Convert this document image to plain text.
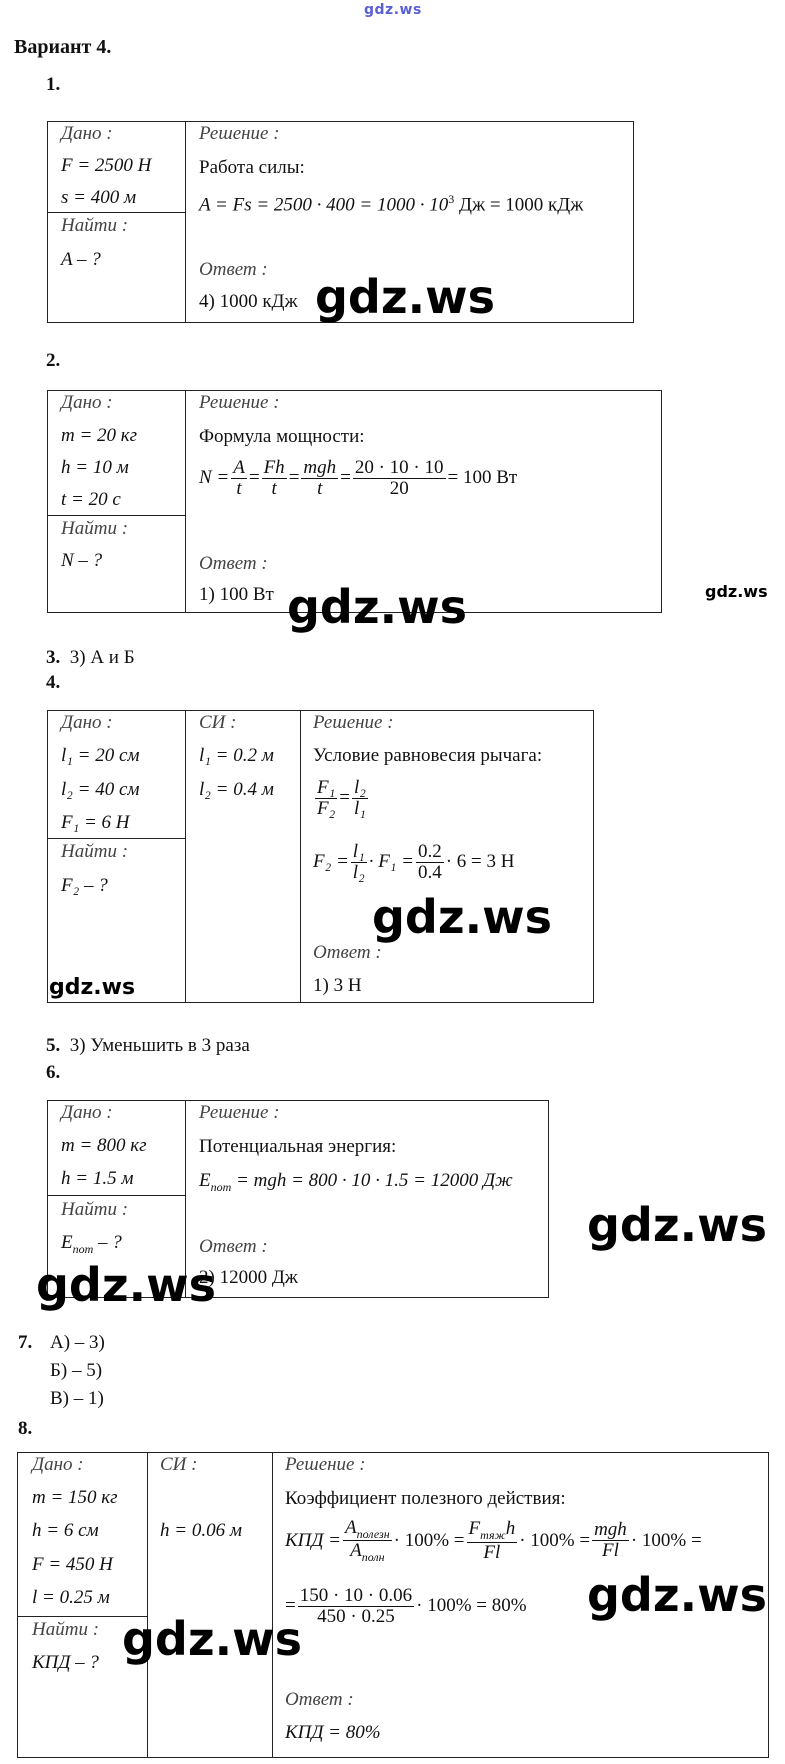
gdz.ws
Вариант 4.
1.
Дано :
F = 2500 Н
s = 400 м
Найти :
A – ?
Решение :
Работа силы:
$A = Fs = 2500 \cdot 400 = 1000 \cdot 10^3$ Дж = 1000 кДж
Ответ :
4) 1000 кДж gdz.ws
2.
Дано :
m = 20 кг
h = 10 м
t = 20 с
Найти :
N – ?
Решение :
Формула мощности:
$N = \frac{A}{t} = \frac{Fh}{t} = \frac{\text{mgh}}{t} = \frac{20 \cdot 10 \cdot 10}{20} = 100$ Вт
Ответ :
1) 100 Вт gdz.ws	gdz.ws
3. 3) А и Б
4.
Дано :
l₁ = 20 см
l₂ = 40 см
F₁ = 6 Н
Найти :
F₂ – ?
СИ :
l₁ = 0.2 м
l₂ = 0.4 м
Решение :
Условие равновесия рычага:
$\frac{\text{F₁}}{\text{F₂}} = \frac{\text{l₂}}{\text{l₁}}$
$F_2 = \frac{\text{l₁}}{\text{l₂}} \cdot F_1 = \frac{0.2}{0.4} \cdot 6 = 3$ Н
Ответ :
1) 3 Н
gdz.ws
gdz.ws
5. 3) Уменьшить в 3 раза
6.
Дано :
m = 800 кг
h = 1.5 м
Найти :
$E_{пот}$ – ?
Решение :
Потенциальная энергия:
$E_{пот}$ = mgh = 800 · 10 · 1.5 = 12000 Дж
Ответ :
2) 12000 Дж
gdz.ws
gdz.ws
7. А) – 3)
Б) – 5)
В) – 1)
8.
Дано :
m = 150 кг
h = 6 см
F = 450 Н
l = 0.25 м
Найти :
КПД – ?
СИ :
h = 0.06 м
Решение :
Коэффициент полезного действия:
КПД = $\frac{A_{полезн}}{A_{полн}} \cdot 100\% = \frac{F_{тяж}h}{Fl} \cdot 100\% = \frac{\text{mgh}}{Fl} \cdot 100\%$ =
= $\frac{150 \cdot 10 \cdot 0.06}{450 \cdot 0.25} \cdot 100\% = 80\%$
Ответ :
КПД = 80%
gdz.ws
gdz.ws
